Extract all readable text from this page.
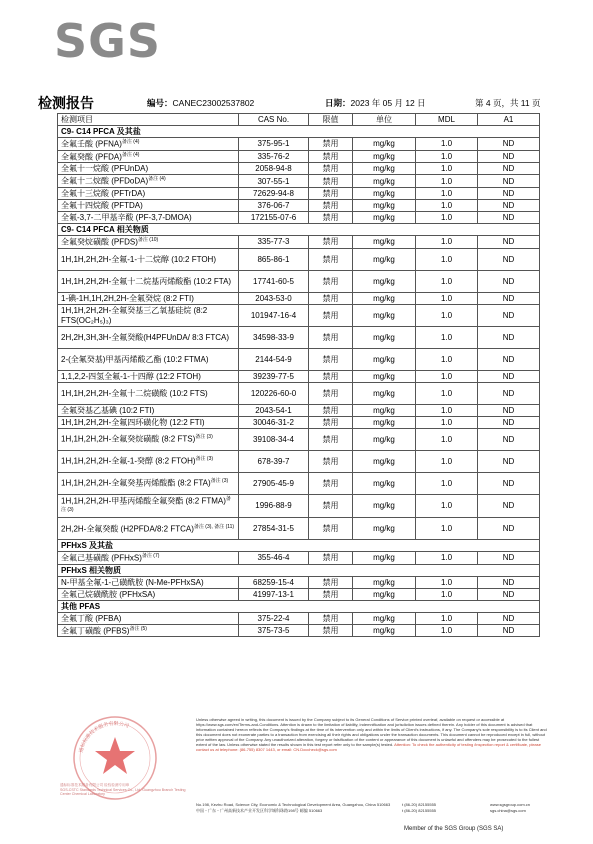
SGS
检测报告	编号：CANEC23002537802	日期：2023 年 05 月 12 日	第 4 页，共 11 页
检测项目	CAS No.	限值	单位	MDL	A1
C9- C14 PFCA 及其盐					
全氟壬酸 (PFNA)$^{备注 (4)}$	375-95-1	禁用	mg/kg	1.0	ND
全氟癸酸 (PFDA)$^{备注 (4)}$	335-76-2	禁用	mg/kg	1.0	ND
全氟十一烷酸 (PFUnDA)	2058-94-8	禁用	mg/kg	1.0	ND
全氟十二烷酸 (PFDoDA)$^{备注 (4)}$	307-55-1	禁用	mg/kg	1.0	ND
全氟十三烷酸 (PFTrDA)	72629-94-8	禁用	mg/kg	1.0	ND
全氟十四烷酸 (PFTDA)	376-06-7	禁用	mg/kg	1.0	ND
全氟-3,7-二甲基辛酸 (PF-3,7-DMOA)	172155-07-6	禁用	mg/kg	1.0	ND
C9- C14 PFCA 相关物质					
全氟癸烷磺酸 (PFDS)$^{备注 (10)}$	335-77-3	禁用	mg/kg	1.0	ND
1H,1H,2H,2H-全氟-1-十二烷醇 (10:2 FTOH)	865-86-1	禁用	mg/kg	1.0	ND
1H,1H,2H,2H-全氟十二烷基丙烯酸酯 (10:2 FTA)	17741-60-5	禁用	mg/kg	1.0	ND
1-碘-1H,1H,2H,2H-全氟癸烷 (8:2 FTI)	2043-53-0	禁用	mg/kg	1.0	ND
1H,1H,2H,2H-全氟癸基三乙氧基硅烷 (8:2 FTS(OC₂H₅)₃)	101947-16-4	禁用	mg/kg	1.0	ND
2H,2H,3H,3H-全氟癸酸(H4PFUnDA/ 8:3 FTCA)	34598-33-9	禁用	mg/kg	1.0	ND
2-(全氟癸基)甲基丙烯酸乙酯 (10:2 FTMA)	2144-54-9	禁用	mg/kg	1.0	ND
1,1,2,2-四氢全氟-1-十四醇 (12:2 FTOH)	39239-77-5	禁用	mg/kg	1.0	ND
1H,1H,2H,2H-全氟十二烷磺酸 (10:2 FTS)	120226-60-0	禁用	mg/kg	1.0	ND
全氟癸基乙基碘 (10:2 FTI)	2043-54-1	禁用	mg/kg	1.0	ND
1H,1H,2H,2H-全氟四环磺化物 (12:2 FTI)	30046-31-2	禁用	mg/kg	1.0	ND
1H,1H,2H,2H-全氟癸烷磺酸 (8:2 FTS)$^{备注 (3)}$	39108-34-4	禁用	mg/kg	1.0	ND
1H,1H,2H,2H-全氟-1-癸醇 (8:2 FTOH)$^{备注 (3)}$	678-39-7	禁用	mg/kg	1.0	ND
1H,1H,2H,2H-全氟癸基丙烯酸酯 (8:2 FTA)$^{备注 (3)}$	27905-45-9	禁用	mg/kg	1.0	ND
1H,1H,2H,2H-甲基丙烯酸全氟癸酯 (8:2 FTMA)$^{备注 (3)}$	1996-88-9	禁用	mg/kg	1.0	ND
2H,2H-全氟癸酸 (H2PFDA/8:2 FTCA)$^{备注 (3), 备注 (11)}$	27854-31-5	禁用	mg/kg	1.0	ND
PFHxS 及其盐					
全氟己基磺酸 (PFHxS)$^{备注 (7)}$	355-46-4	禁用	mg/kg	1.0	ND
PFHxS 相关物质					
N-甲基全氟-1-己磺酰胺 (N-Me-PFHxSA)	68259-15-4	禁用	mg/kg	1.0	ND
全氟己烷磺酰胺 (PFHxSA)	41997-13-1	禁用	mg/kg	1.0	ND
其他 PFAS					
全氟丁酸 (PFBA)	375-22-4	禁用	mg/kg	1.0	ND
全氟丁磺酸 (PFBS)$^{备注 (5)}$	375-73-5	禁用	mg/kg	1.0	ND
通标标准技术服务有限公司
通标标准技术服务有限公司 检验检测专用章
SGS-CSTC Standards Technical Services Co., Ltd. Guangzhou Branch Testing Center Chemical Laboratory
Unless otherwise agreed in writing, this document is issued by the Company subject to its General Conditions of Service printed overleaf, available on request or accessible at https://www.sgs.com/en/Terms-and-Conditions. Attention is drawn to the limitation of liability, indemnification and jurisdiction issues defined therein. Any holder of this document is advised that information contained hereon reflects the Company's findings at the time of its intervention only and within the limits of Client's instructions, if any. The Company's sole responsibility is to its Client and this document does not exonerate parties to a transaction from exercising all their rights and obligations under the transaction documents. This document cannot be reproduced except in full, without prior written approval of the Company. Any unauthorized alteration, forgery or falsification of the content or appearance of this document is unlawful and offenders may be prosecuted to the fullest extent of the law. Unless otherwise stated the results shown in this test report refer only to the sample(s) tested. Attention: To check the authenticity of testing /inspection report & certificate, please contact us at telephone: (86-755) 8307 1443, or email: CN.Doccheck@sgs.com
No.198, Kezhu Road, Science City, Economic & Technological Development Area, Guangzhou, China 510663
中国・广东・广州高新技术产业开发区科学城科珠路198号 邮编 510663
t (86-20) 82155555
t (86-20) 82155555
www.sgsgroup.com.cn
sgs.china@sgs.com
Member of the SGS Group (SGS SA)
